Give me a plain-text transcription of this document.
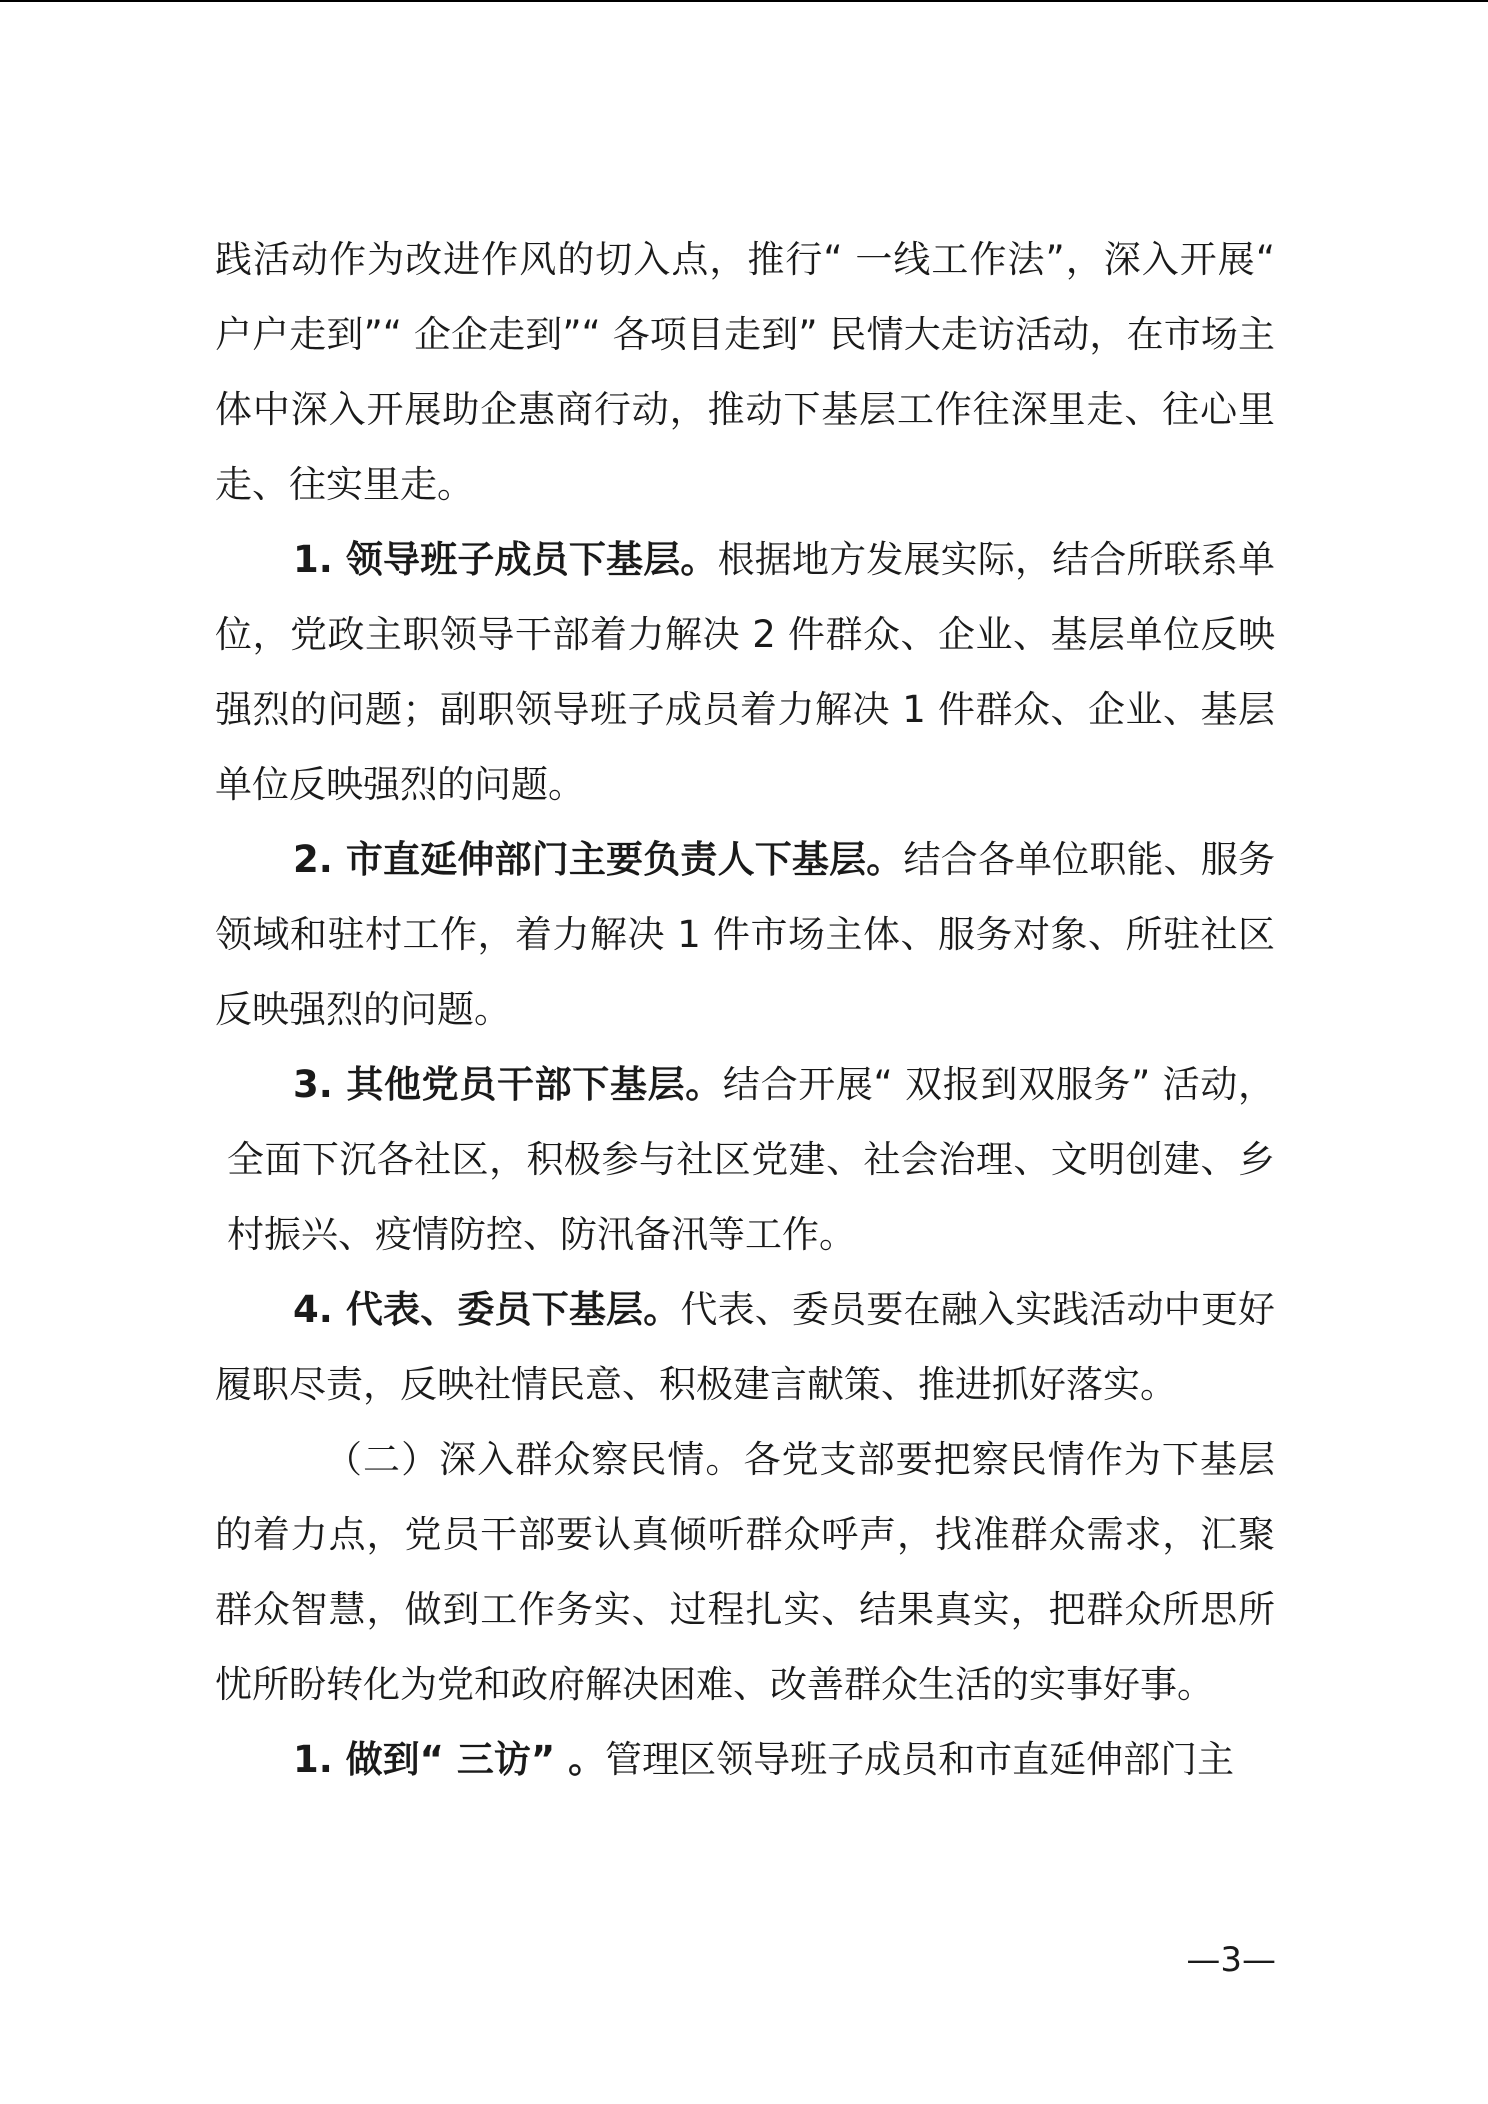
践活动作为改进作风的切入点，推行“ 一线工作法”，深入开展“ 户户走到”“ 企企走到”“ 各项目走到” 民情大走访活动，在市场主体中深入开展助企惠商行动，推动下基层工作往深里走、往心里走、往实里走。

1. 领导班子成员下基层。根据地方发展实际，结合所联系单位，党政主职领导干部着力解决 2 件群众、企业、基层单位反映强烈的问题；副职领导班子成员着力解决 1 件群众、企业、基层单位反映强烈的问题。

2. 市直延伸部门主要负责人下基层。结合各单位职能、服务领域和驻村工作，着力解决 1 件市场主体、服务对象、所驻社区反映强烈的问题。

3. 其他党员干部下基层。结合开展“ 双报到双服务” 活动，全面下沉各社区，积极参与社区党建、社会治理、文明创建、乡村振兴、疫情防控、防汛备汛等工作。

4. 代表、委员下基层。代表、委员要在融入实践活动中更好履职尽责，反映社情民意、积极建言献策、推进抓好落实。

（二）深入群众察民情。各党支部要把察民情作为下基层的着力点，党员干部要认真倾听群众呼声，找准群众需求，汇聚群众智慧，做到工作务实、过程扎实、结果真实，把群众所思所忧所盼转化为党和政府解决困难、改善群众生活的实事好事。

1. 做到“ 三访” 。管理区领导班子成员和市直延伸部门主

—3—
